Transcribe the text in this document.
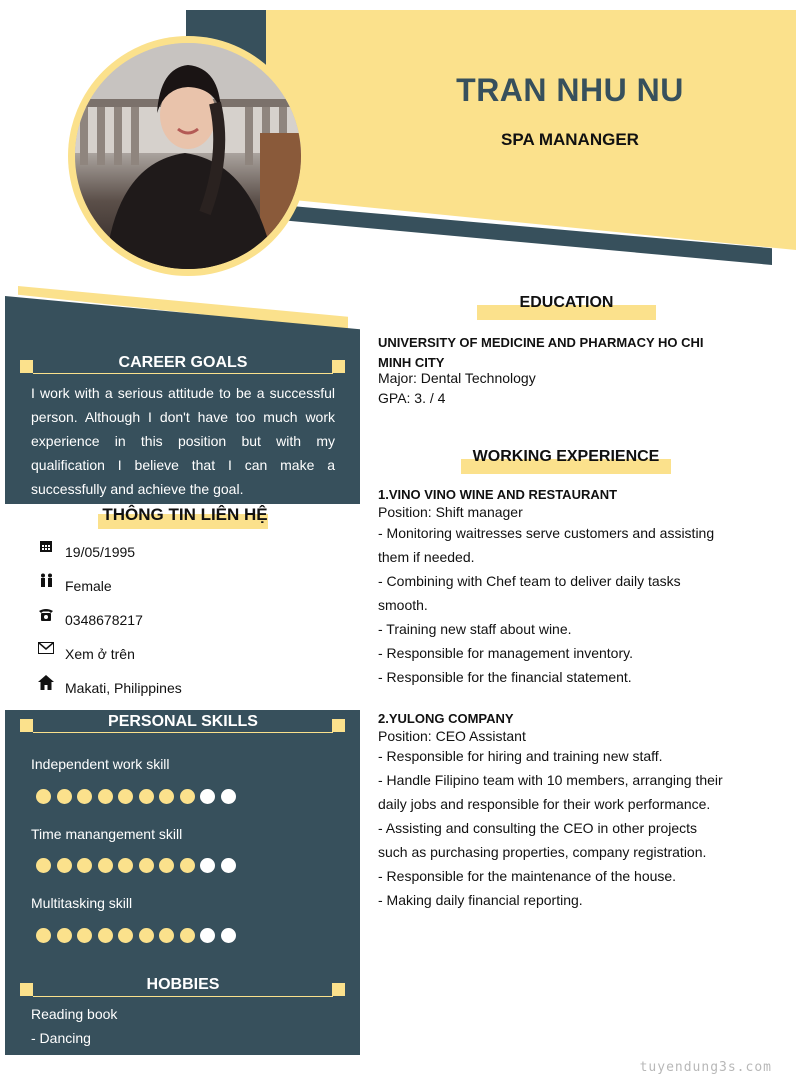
TRAN NHU NU
SPA MANANGER
CAREER GOALS
I work with a serious attitude to be a successful person. Although I don't have too much work experience in this position but with my qualification I believe that I can make a successfully and achieve the goal.
THÔNG TIN LIÊN HỆ
19/05/1995
Female
0348678217
Xem ở trên
Makati, Philippines
PERSONAL SKILLS
Independent work skill
Time manangement skill
Multitasking skill
HOBBIES
Reading book
- Dancing
EDUCATION
UNIVERSITY OF MEDICINE AND PHARMACY HO CHI MINH CITY
Major: Dental Technology
GPA: 3. / 4
WORKING EXPERIENCE
1.VINO VINO WINE AND RESTAURANT
Position: Shift manager
- Monitoring waitresses serve customers and assisting them if needed.
- Combining with Chef team to deliver daily tasks smooth.
- Training new staff about wine.
- Responsible for management inventory.
- Responsible for the financial statement.
2.YULONG COMPANY
Position: CEO Assistant
- Responsible for hiring and training new staff.
- Handle Filipino team with 10 members, arranging their daily jobs and responsible for their work performance.
- Assisting and consulting the CEO in other projects such as purchasing properties, company registration.
- Responsible for the maintenance of the house.
- Making daily financial reporting.
tuyendung3s.com
